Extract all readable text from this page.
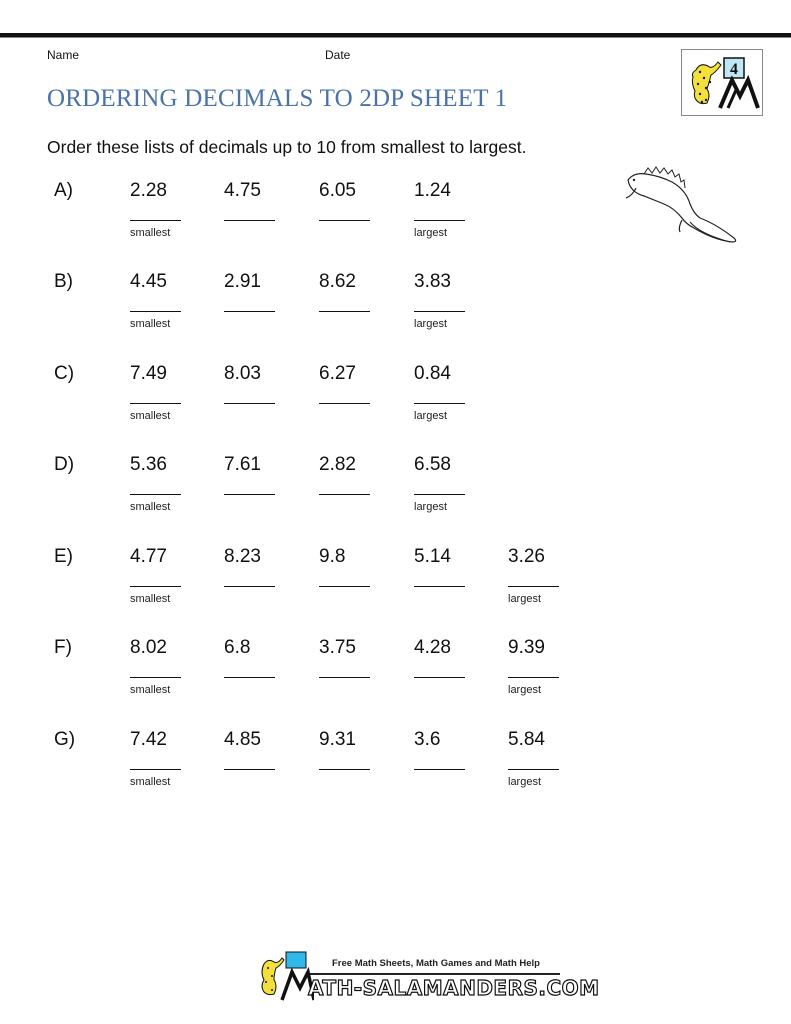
Name	Date
ORDERING DECIMALS TO 2DP SHEET 1
4
Order these lists of decimals up to 10 from smallest to largest.
A)	2.28	4.75	6.05	1.24
smallest	largest
B)	4.45	2.91	8.62	3.83
smallest	largest
C)	7.49	8.03	6.27	0.84
smallest	largest
D)	5.36	7.61	2.82	6.58
smallest	largest
E)	4.77	8.23	9.8	5.14	3.26
smallest	largest
F)	8.02	6.8	3.75	4.28	9.39
smallest	largest
G)	7.42	4.85	9.31	3.6	5.84
smallest	largest
Free Math Sheets, Math Games and Math Help
ATH-SALAMANDERS.COM
